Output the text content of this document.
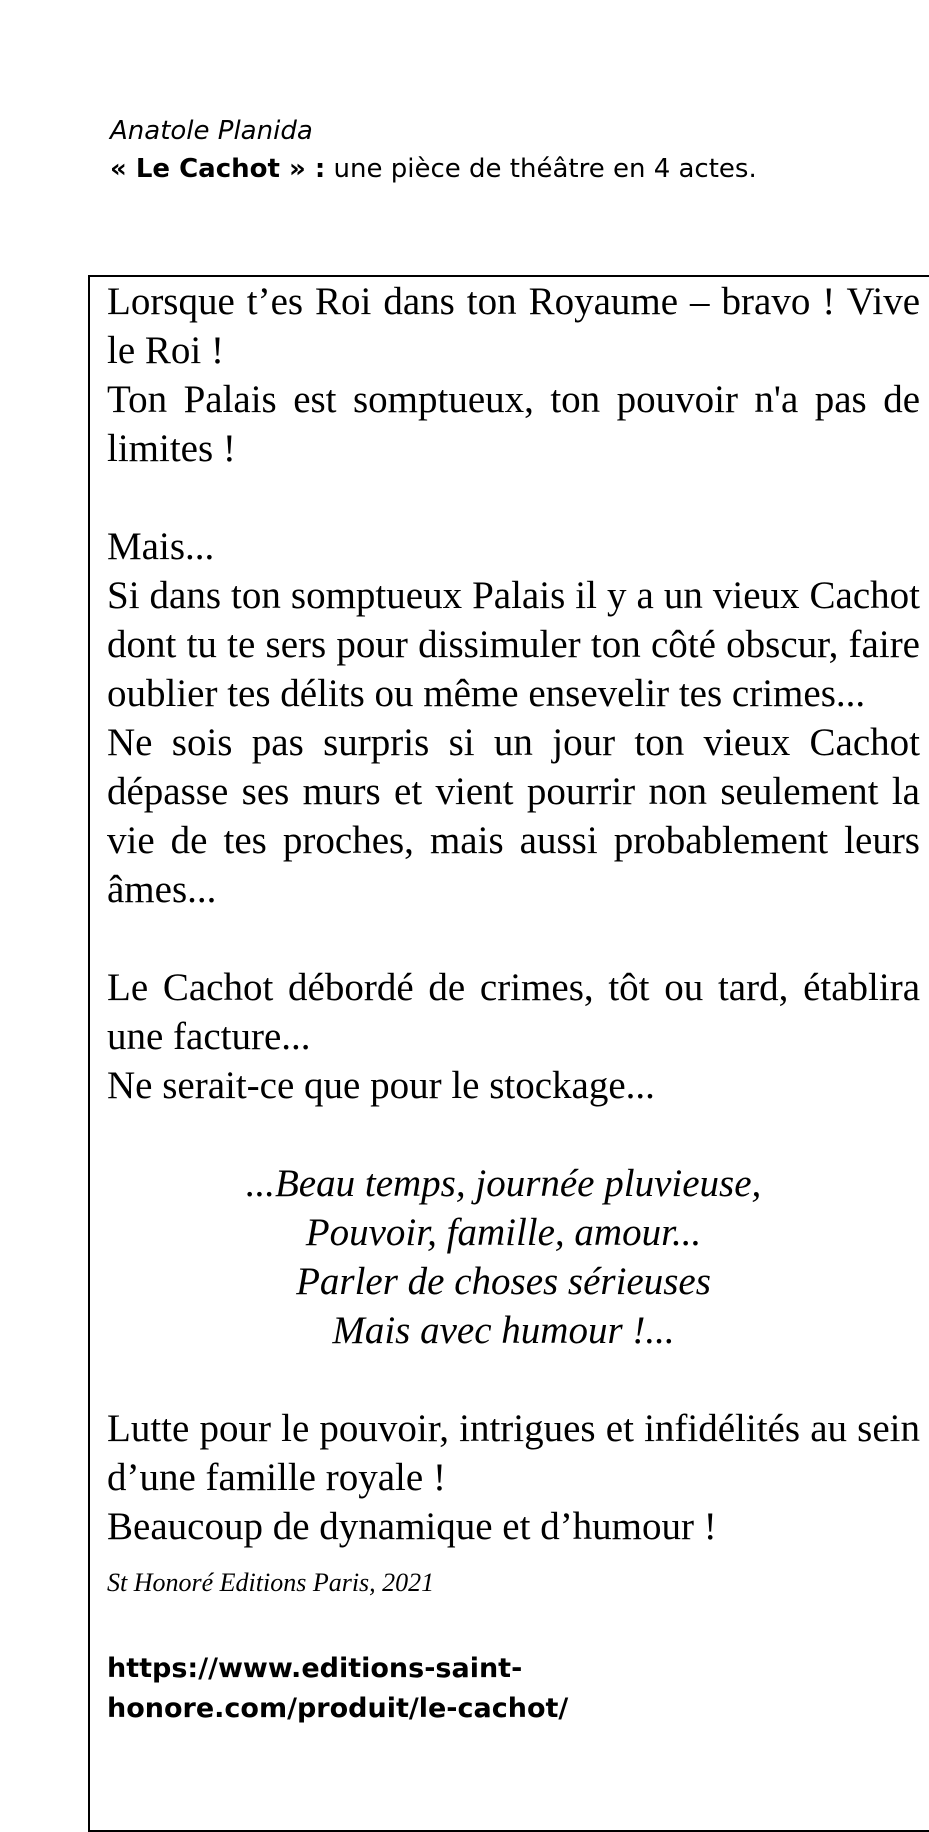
Anatole Planida
« Le Cachot » : une pièce de théâtre en 4 actes.

Lorsque t’es Roi dans ton Royaume – bravo ! Vive le Roi !

Ton Palais est somptueux, ton pouvoir n'a pas de limites !

Mais...

Si dans ton somptueux Palais il y a un vieux Cachot dont tu te sers pour dissimuler ton côté obscur, faire oublier tes délits ou même ensevelir tes crimes...

Ne sois pas surpris si un jour ton vieux Cachot dépasse ses murs et vient pourrir non seulement la vie de tes proches, mais aussi probablement leurs âmes...

Le Cachot débordé de crimes, tôt ou tard, établira une facture...

Ne serait-ce que pour le stockage...

...Beau temps, journée pluvieuse,
Pouvoir, famille, amour...
Parler de choses sérieuses
Mais avec humour !...

Lutte pour le pouvoir, intrigues et infidélités au sein d’une famille royale !

Beaucoup de dynamique et d’humour !

St Honoré Editions Paris, 2021
https://www.editions-saint-honore.com/produit/le-cachot/
